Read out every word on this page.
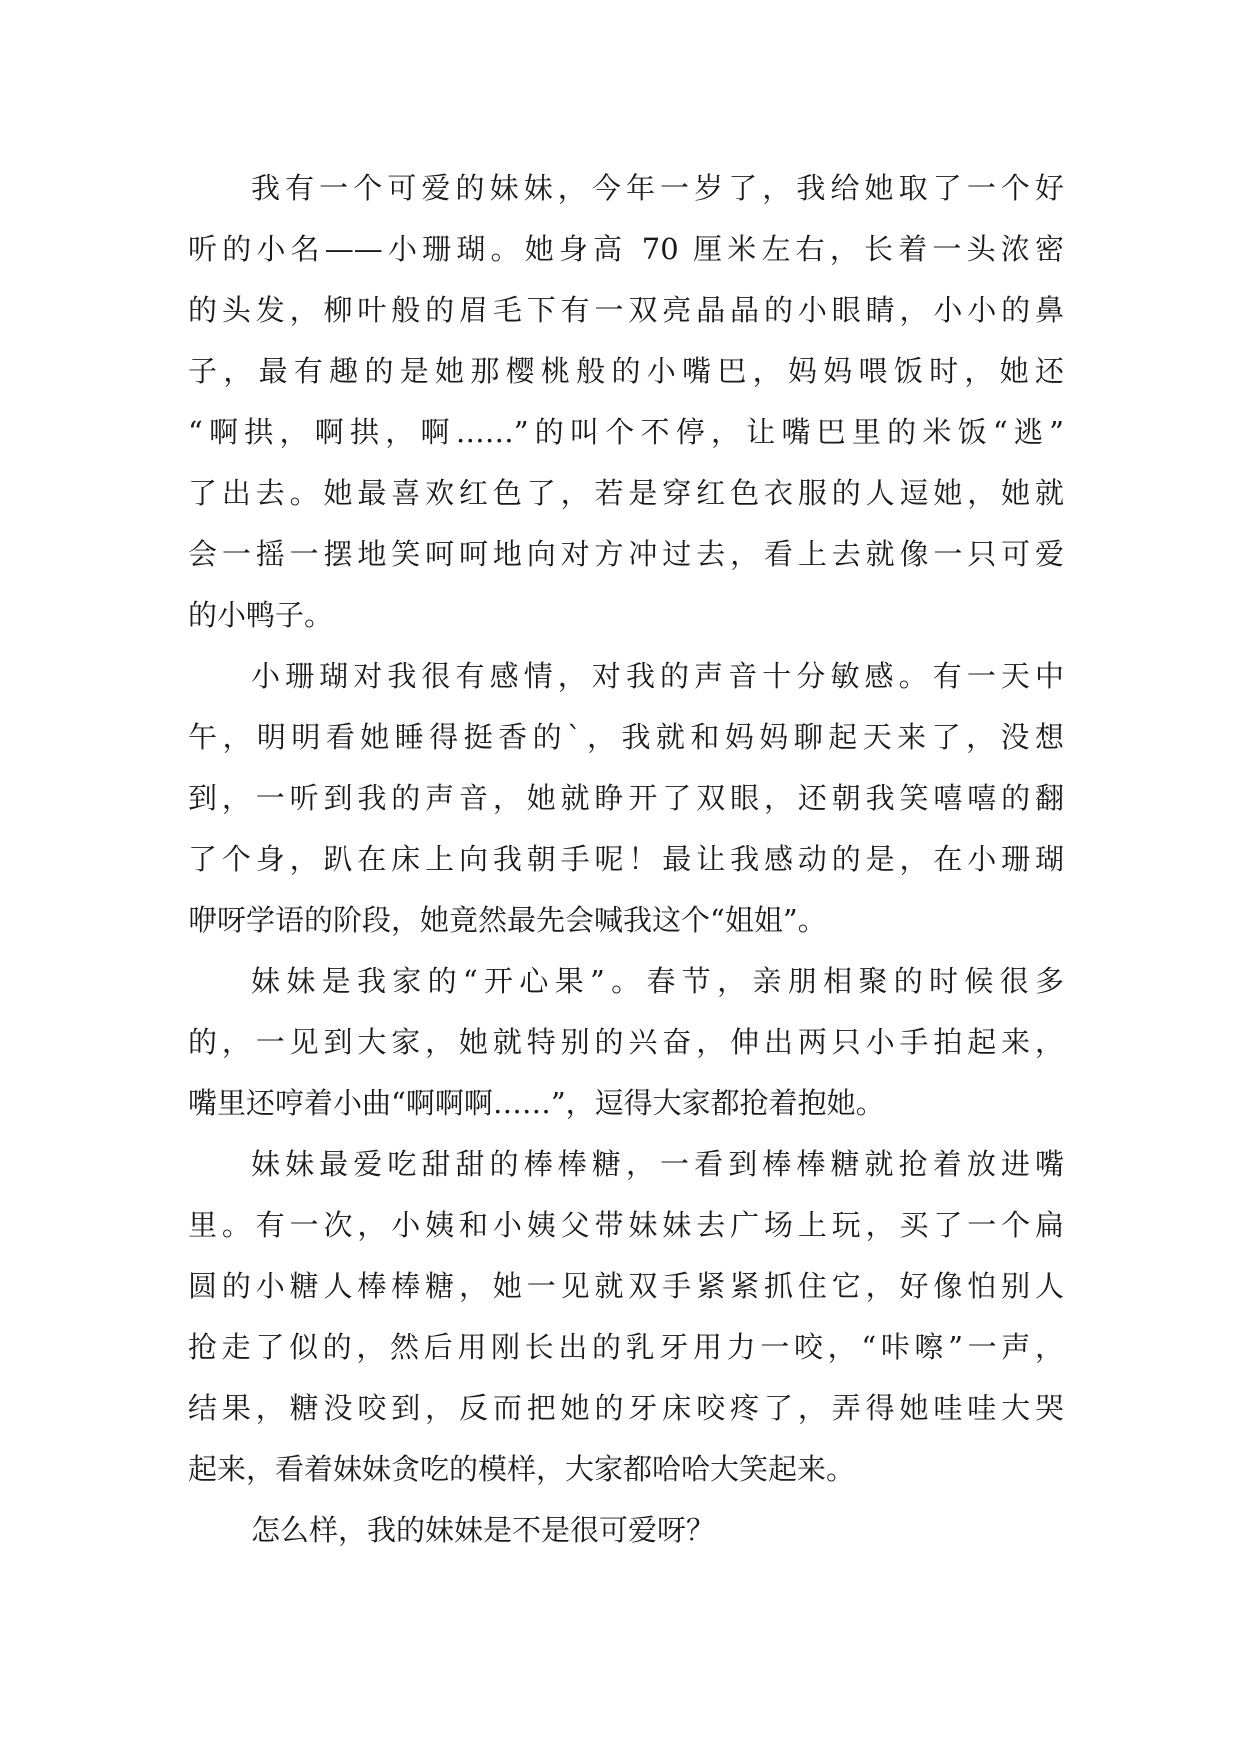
我有一个可爱的妹妹，今年一岁了，我给她取了一个好
听的小名——小珊瑚。她身高 70 厘米左右，长着一头浓密
的头发，柳叶般的眉毛下有一双亮晶晶的小眼睛，小小的鼻
子，最有趣的是她那樱桃般的小嘴巴，妈妈喂饭时，她还
“啊拱，啊拱，啊……”的叫个不停，让嘴巴里的米饭“逃”
了出去。她最喜欢红色了，若是穿红色衣服的人逗她，她就
会一摇一摆地笑呵呵地向对方冲过去，看上去就像一只可爱
的小鸭子。
小珊瑚对我很有感情，对我的声音十分敏感。有一天中
午，明明看她睡得挺香的`，我就和妈妈聊起天来了，没想
到，一听到我的声音，她就睁开了双眼，还朝我笑嘻嘻的翻
了个身，趴在床上向我朝手呢！最让我感动的是，在小珊瑚
咿呀学语的阶段，她竟然最先会喊我这个“姐姐”。
妹妹是我家的“开心果”。春节，亲朋相聚的时候很多
的，一见到大家，她就特别的兴奋，伸出两只小手拍起来，
嘴里还哼着小曲“啊啊啊……”，逗得大家都抢着抱她。
妹妹最爱吃甜甜的棒棒糖，一看到棒棒糖就抢着放进嘴
里。有一次，小姨和小姨父带妹妹去广场上玩，买了一个扁
圆的小糖人棒棒糖，她一见就双手紧紧抓住它，好像怕别人
抢走了似的，然后用刚长出的乳牙用力一咬，“咔嚓”一声，
结果，糖没咬到，反而把她的牙床咬疼了，弄得她哇哇大哭
起来，看着妹妹贪吃的模样，大家都哈哈大笑起来。
怎么样，我的妹妹是不是很可爱呀？
